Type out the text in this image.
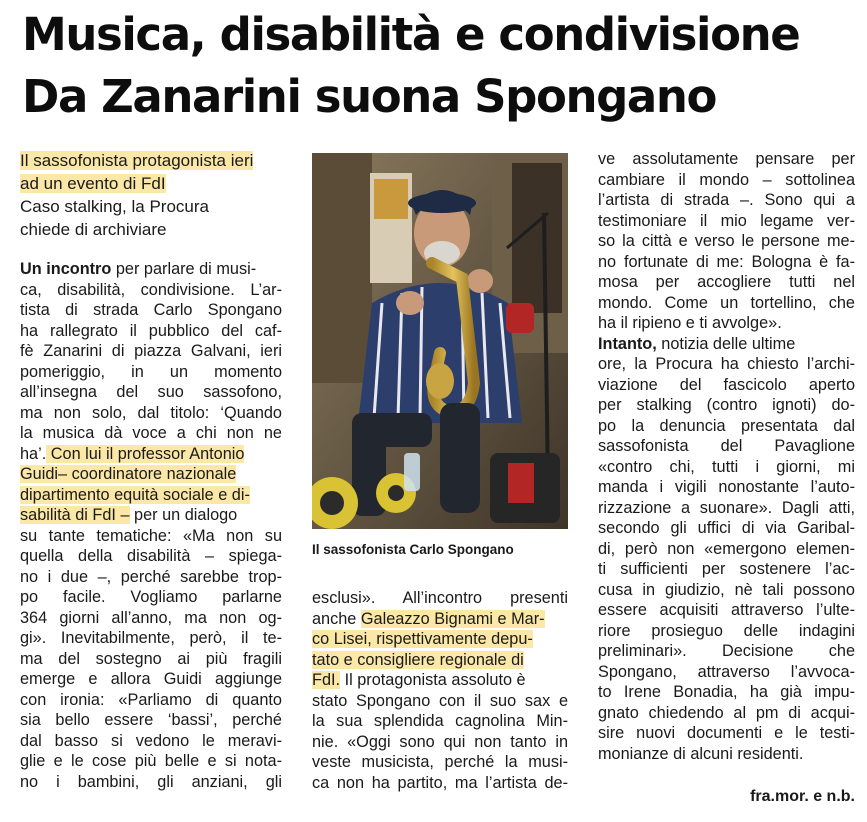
Musica, disabilità e condivisione
Da Zanarini suona Spongano
Il sassofonista protagonista ieri
ad un evento di FdI
Caso stalking, la Procura
chiede di archiviare
Un incontro per parlare di musi-
ca, disabilità, condivisione. L’ar-
tista di strada Carlo Spongano
ha rallegrato il pubblico del caf-
fè Zanarini di piazza Galvani, ieri
pomeriggio, in un momento
all’insegna del suo sassofono,
ma non solo, dal titolo: ‘Quando
la musica dà voce a chi non ne
ha’. Con lui il professor Antonio
Guidi– coordinatore nazionale
dipartimento equità sociale e di-
sabilità di FdI – per un dialogo
su tante tematiche: «Ma non su
quella della disabilità – spiega-
no i due –, perché sarebbe trop-
po facile. Vogliamo parlarne
364 giorni all’anno, ma non og-
gi». Inevitabilmente, però, il te-
ma del sostegno ai più fragili
emerge e allora Guidi aggiunge
con ironia: «Parliamo di quanto
sia bello essere ‘bassi’, perché
dal basso si vedono le meravi-
glie e le cose più belle e si nota-
no i bambini, gli anziani, gli
Il sassofonista Carlo Spongano
esclusi». All’incontro presenti
anche Galeazzo Bignami e Mar-
co Lisei, rispettivamente depu-
tato e consigliere regionale di
FdI. Il protagonista assoluto è
stato Spongano con il suo sax e
la sua splendida cagnolina Min-
nie. «Oggi sono qui non tanto in
veste musicista, perché la musi-
ca non ha partito, ma l’artista de-
ve assolutamente pensare per
cambiare il mondo – sottolinea
l’artista di strada –. Sono qui a
testimoniare il mio legame ver-
so la città e verso le persone me-
no fortunate di me: Bologna è fa-
mosa per accogliere tutti nel
mondo. Come un tortellino, che
ha il ripieno e ti avvolge».
Intanto, notizia delle ultime
ore, la Procura ha chiesto l’archi-
viazione del fascicolo aperto
per stalking (contro ignoti) do-
po la denuncia presentata dal
sassofonista del Pavaglione
«contro chi, tutti i giorni, mi
manda i vigili nonostante l’auto-
rizzazione a suonare». Dagli atti,
secondo gli uffici di via Garibal-
di, però non «emergono elemen-
ti sufficienti per sostenere l’ac-
cusa in giudizio, nè tali possono
essere acquisiti attraverso l’ulte-
riore prosieguo delle indagini
preliminari». Decisione che
Spongano, attraverso l’avvoca-
to Irene Bonadia, ha già impu-
gnato chiedendo al pm di acqui-
sire nuovi documenti e le testi-
monianze di alcuni residenti.
fra.mor. e n.b.
